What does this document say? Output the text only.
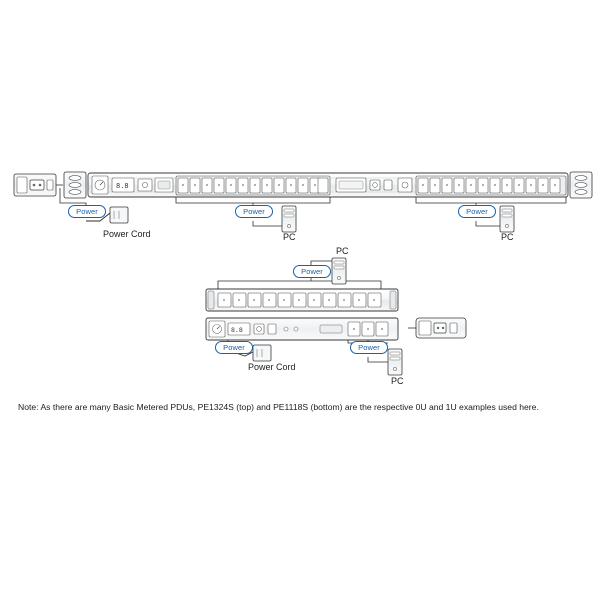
8.8
8.8
Power	Power	Power
Power
Power	Power
Power Cord	PC	PC
PC
Power Cord
PC
Note: As there are many Basic Metered PDUs, PE1324S (top) and PE1118S (bottom) are the respective 0U and 1U examples used here.
